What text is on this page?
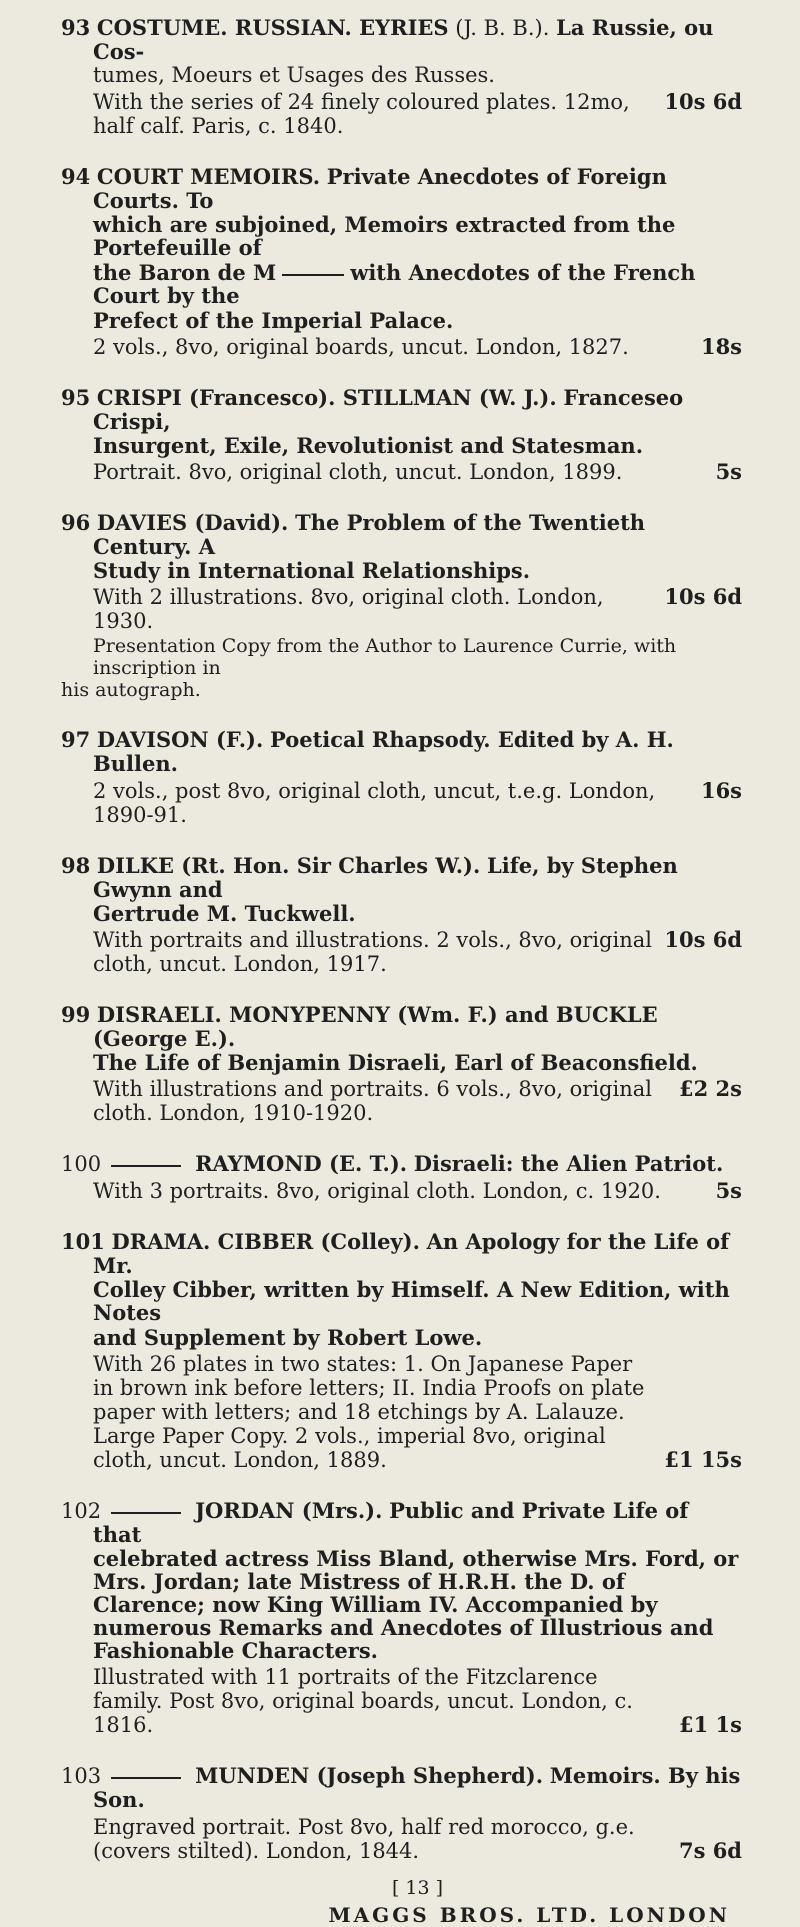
93 COSTUME. RUSSIAN. EYRIES (J. B. B.). La Russie, ou Cos-

tumes, Moeurs et Usages des Russes.

With the series of 24 finely coloured plates. 12mo, half calf. Paris, c. 1840.
10s 6d

94 COURT MEMOIRS. Private Anecdotes of Foreign Courts. To

which are subjoined, Memoirs extracted from the Portefeuille of

the Baron de M	with Anecdotes of the French Court by the

Prefect of the Imperial Palace.

2 vols., 8vo, original boards, uncut. London, 1827.	18s

95 CRISPI (Francesco). STILLMAN (W. J.). Franceseo Crispi,

Insurgent, Exile, Revolutionist and Statesman.

Portrait. 8vo, original cloth, uncut. London, 1899.	5s

96 DAVIES (David). The Problem of the Twentieth Century. A

Study in International Relationships.

With 2 illustrations. 8vo, original cloth. London, 1930.
10s 6d

Presentation Copy from the Author to Laurence Currie, with inscription in
his autograph.

97 DAVISON (F.). Poetical Rhapsody. Edited by A. H. Bullen.

2 vols., post 8vo, original cloth, uncut, t.e.g. London, 1890-91.
16s

98 DILKE (Rt. Hon. Sir Charles W.). Life, by Stephen Gwynn and

Gertrude M. Tuckwell.

With portraits and illustrations. 2 vols., 8vo, original cloth, uncut. London, 1917.
10s 6d

99 DISRAELI. MONYPENNY (Wm. F.) and BUCKLE (George E.).

The Life of Benjamin Disraeli, Earl of Beaconsfield.

With illustrations and portraits. 6 vols., 8vo, original cloth. London, 1910-1920.
£2 2s

100	RAYMOND (E. T.). Disraeli: the Alien Patriot.

With 3 portraits. 8vo, original cloth. London, c. 1920.	5s

101 DRAMA. CIBBER (Colley). An Apology for the Life of Mr.

Colley Cibber, written by Himself. A New Edition, with Notes

and Supplement by Robert Lowe.

With 26 plates in two states: 1. On Japanese Paper in brown ink before letters; II. India Proofs on plate paper with letters; and 18 etchings by A. Lalauze. Large Paper Copy. 2 vols., imperial 8vo, original cloth, uncut. London, 1889.	£1 15s

102	JORDAN (Mrs.). Public and Private Life of that

celebrated actress Miss Bland, otherwise Mrs. Ford, or Mrs. Jordan; late Mistress of H.R.H. the D. of Clarence; now King William IV. Accompanied by numerous Remarks and Anecdotes of Illustrious and Fashionable Characters.

Illustrated with 11 portraits of the Fitzclarence family. Post 8vo, original boards, uncut. London, c. 1816.	£1 1s

103	MUNDEN (Joseph Shepherd). Memoirs. By his Son.

Engraved portrait. Post 8vo, half red morocco, g.e. (covers stilted). London, 1844.	7s 6d
[ 13 ]
MAGGS BROS. LTD. LONDON
